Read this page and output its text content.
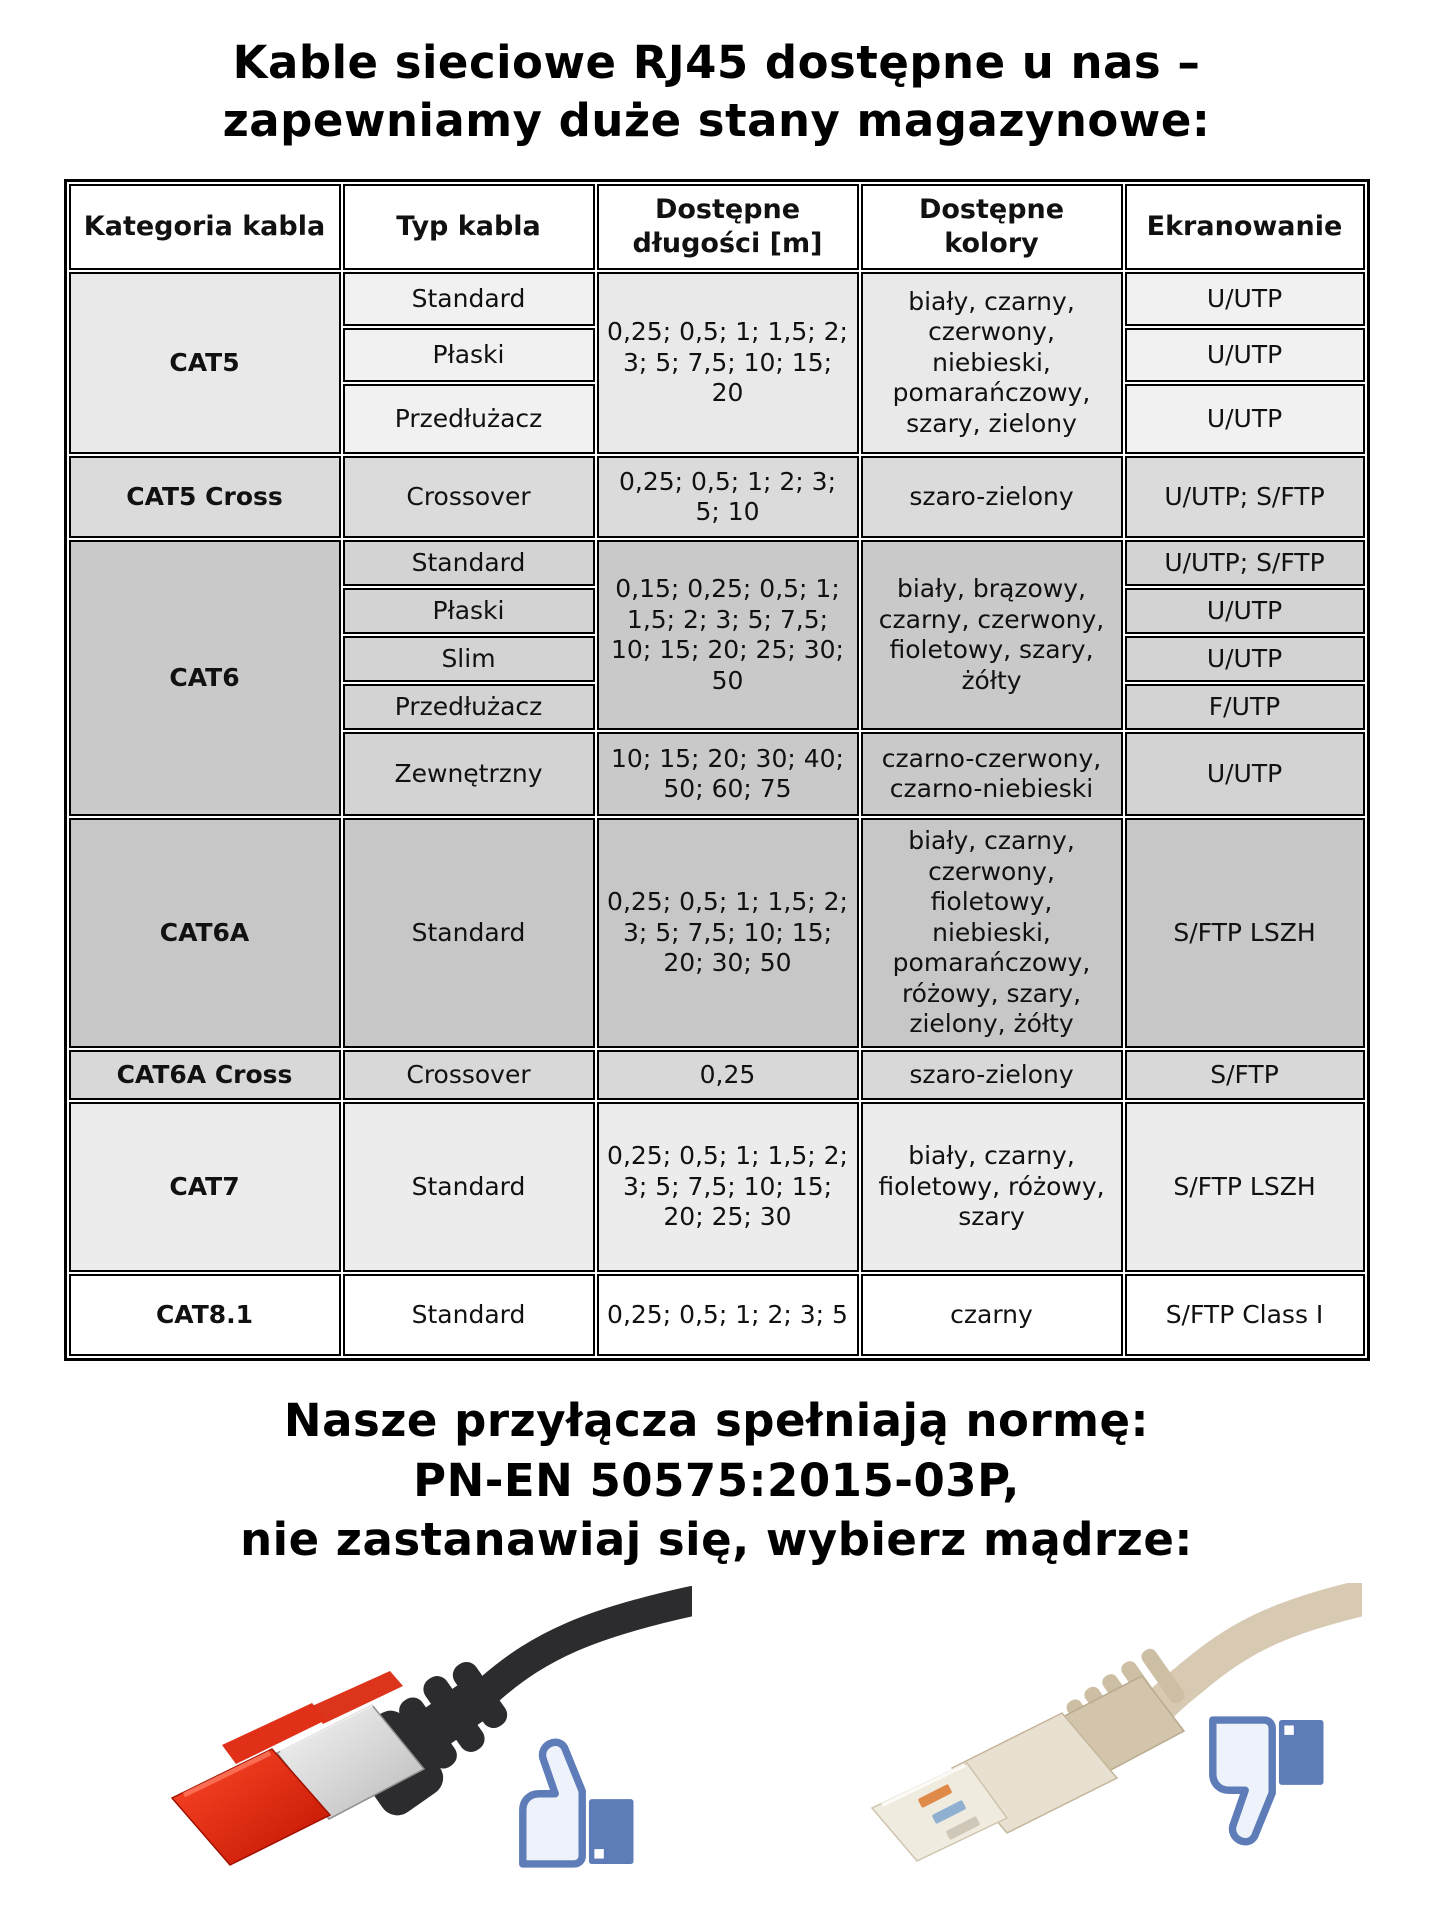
Kable sieciowe RJ45 dostępne u nas –
zapewniamy duże stany magazynowe:
Kategoria kabla	Typ kabla	Dostępne długości [m]	Dostępne kolory	Ekranowanie
CAT5	Standard	0,25; 0,5; 1; 1,5; 2; 3; 5; 7,5; 10; 15; 20	biały, czarny, czerwony, niebieski, pomarańczowy, szary, zielony	U/UTP
	Płaski			U/UTP
	Przedłużacz			U/UTP
CAT5 Cross	Crossover	0,25; 0,5; 1; 2; 3; 5; 10	szaro-zielony	U/UTP; S/FTP
CAT6	Standard	0,15; 0,25; 0,5; 1; 1,5; 2; 3; 5; 7,5; 10; 15; 20; 25; 30; 50	biały, brązowy, czarny, czerwony, fioletowy, szary, żółty	U/UTP; S/FTP
	Płaski			U/UTP
	Slim			U/UTP
	Przedłużacz			F/UTP
	Zewnętrzny	10; 15; 20; 30; 40; 50; 60; 75	czarno-czerwony, czarno-niebieski	U/UTP
CAT6A	Standard	0,25; 0,5; 1; 1,5; 2; 3; 5; 7,5; 10; 15; 20; 30; 50	biały, czarny, czerwony, fioletowy, niebieski, pomarańczowy, różowy, szary, zielony, żółty	S/FTP LSZH
CAT6A Cross	Crossover	0,25	szaro-zielony	S/FTP
CAT7	Standard	0,25; 0,5; 1; 1,5; 2; 3; 5; 7,5; 10; 15; 20; 25; 30	biały, czarny, fioletowy, różowy, szary	S/FTP LSZH
CAT8.1	Standard	0,25; 0,5; 1; 2; 3; 5	czarny	S/FTP Class I
Nasze przyłącza spełniają normę:
PN-EN 50575:2015-03P,
nie zastanawiaj się, wybierz mądrze:
